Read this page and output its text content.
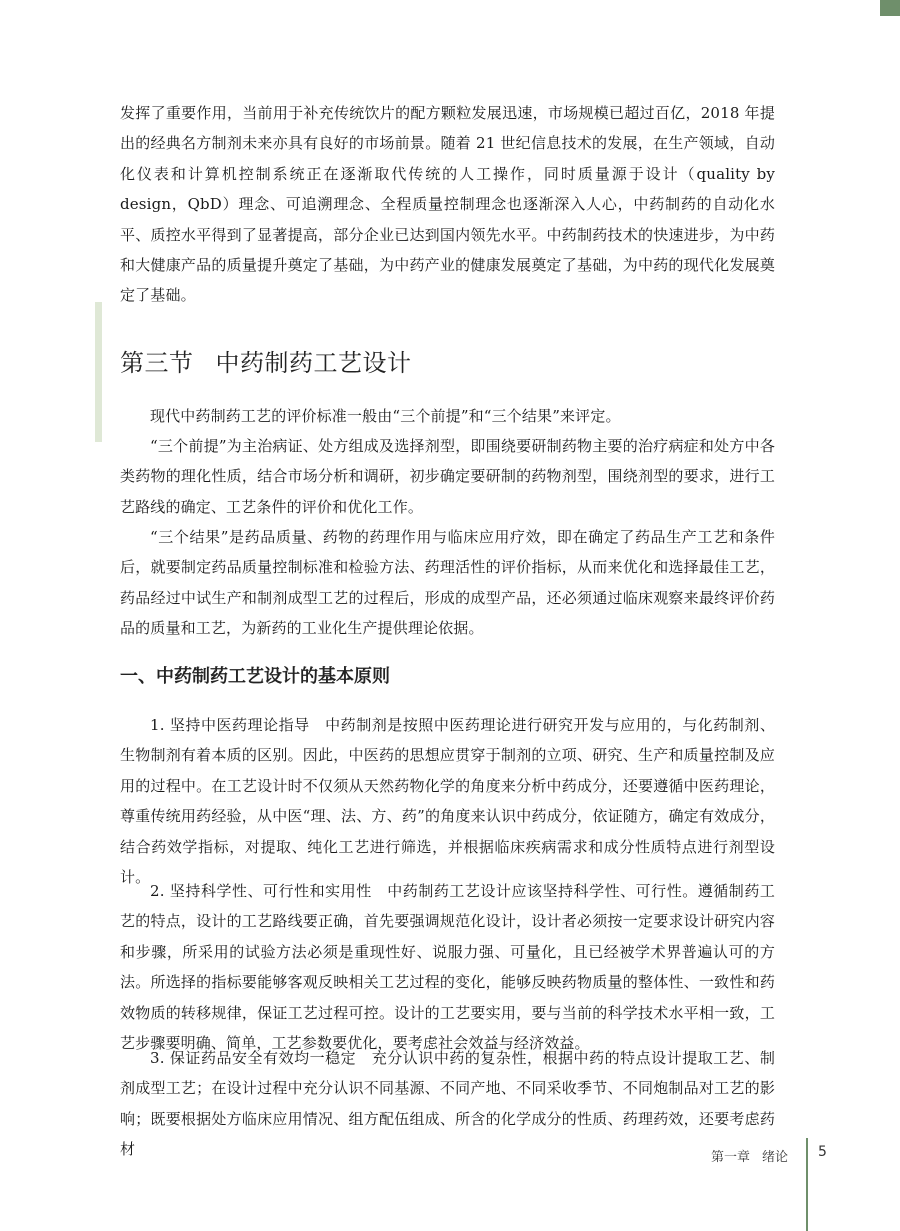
发挥了重要作用，当前用于补充传统饮片的配方颗粒发展迅速，市场规模已超过百亿，2018 年提出的经典名方制剂未来亦具有良好的市场前景。随着 21 世纪信息技术的发展，在生产领域，自动化仪表和计算机控制系统正在逐渐取代传统的人工操作，同时质量源于设计（quality by design，QbD）理念、可追溯理念、全程质量控制理念也逐渐深入人心，中药制药的自动化水平、质控水平得到了显著提高，部分企业已达到国内领先水平。中药制药技术的快速进步，为中药和大健康产品的质量提升奠定了基础，为中药产业的健康发展奠定了基础，为中药的现代化发展奠定了基础。

第三节 中药制药工艺设计

现代中药制药工艺的评价标准一般由“三个前提”和“三个结果”来评定。

“三个前提”为主治病证、处方组成及选择剂型，即围绕要研制药物主要的治疗病症和处方中各类药物的理化性质，结合市场分析和调研，初步确定要研制的药物剂型，围绕剂型的要求，进行工艺路线的确定、工艺条件的评价和优化工作。

“三个结果”是药品质量、药物的药理作用与临床应用疗效，即在确定了药品生产工艺和条件后，就要制定药品质量控制标准和检验方法、药理活性的评价指标，从而来优化和选择最佳工艺，药品经过中试生产和制剂成型工艺的过程后，形成的成型产品，还必须通过临床观察来最终评价药品的质量和工艺，为新药的工业化生产提供理论依据。

一、中药制药工艺设计的基本原则

1. 坚持中医药理论指导　 中药制剂是按照中医药理论进行研究开发与应用的，与化药制剂、生物制剂有着本质的区别。因此，中医药的思想应贯穿于制剂的立项、研究、生产和质量控制及应用的过程中。在工艺设计时不仅须从天然药物化学的角度来分析中药成分，还要遵循中医药理论，尊重传统用药经验，从中医“理、法、方、药”的角度来认识中药成分，依证随方，确定有效成分，结合药效学指标，对提取、纯化工艺进行筛选，并根据临床疾病需求和成分性质特点进行剂型设计。

2. 坚持科学性、可行性和实用性　 中药制药工艺设计应该坚持科学性、可行性。遵循制药工艺的特点，设计的工艺路线要正确，首先要强调规范化设计，设计者必须按一定要求设计研究内容和步骤，所采用的试验方法必须是重现性好、说服力强、可量化，且已经被学术界普遍认可的方法。所选择的指标要能够客观反映相关工艺过程的变化，能够反映药物质量的整体性、一致性和药效物质的转移规律，保证工艺过程可控。设计的工艺要实用，要与当前的科学技术水平相一致，工艺步骤要明确、简单，工艺参数要优化，要考虑社会效益与经济效益。

3. 保证药品安全有效均一稳定　 充分认识中药的复杂性，根据中药的特点设计提取工艺、制剂成型工艺；在设计过程中充分认识不同基源、不同产地、不同采收季节、不同炮制品对工艺的影响；既要根据处方临床应用情况、组方配伍组成、所含的化学成分的性质、药理药效，还要考虑药材	第一章 绪论 5
